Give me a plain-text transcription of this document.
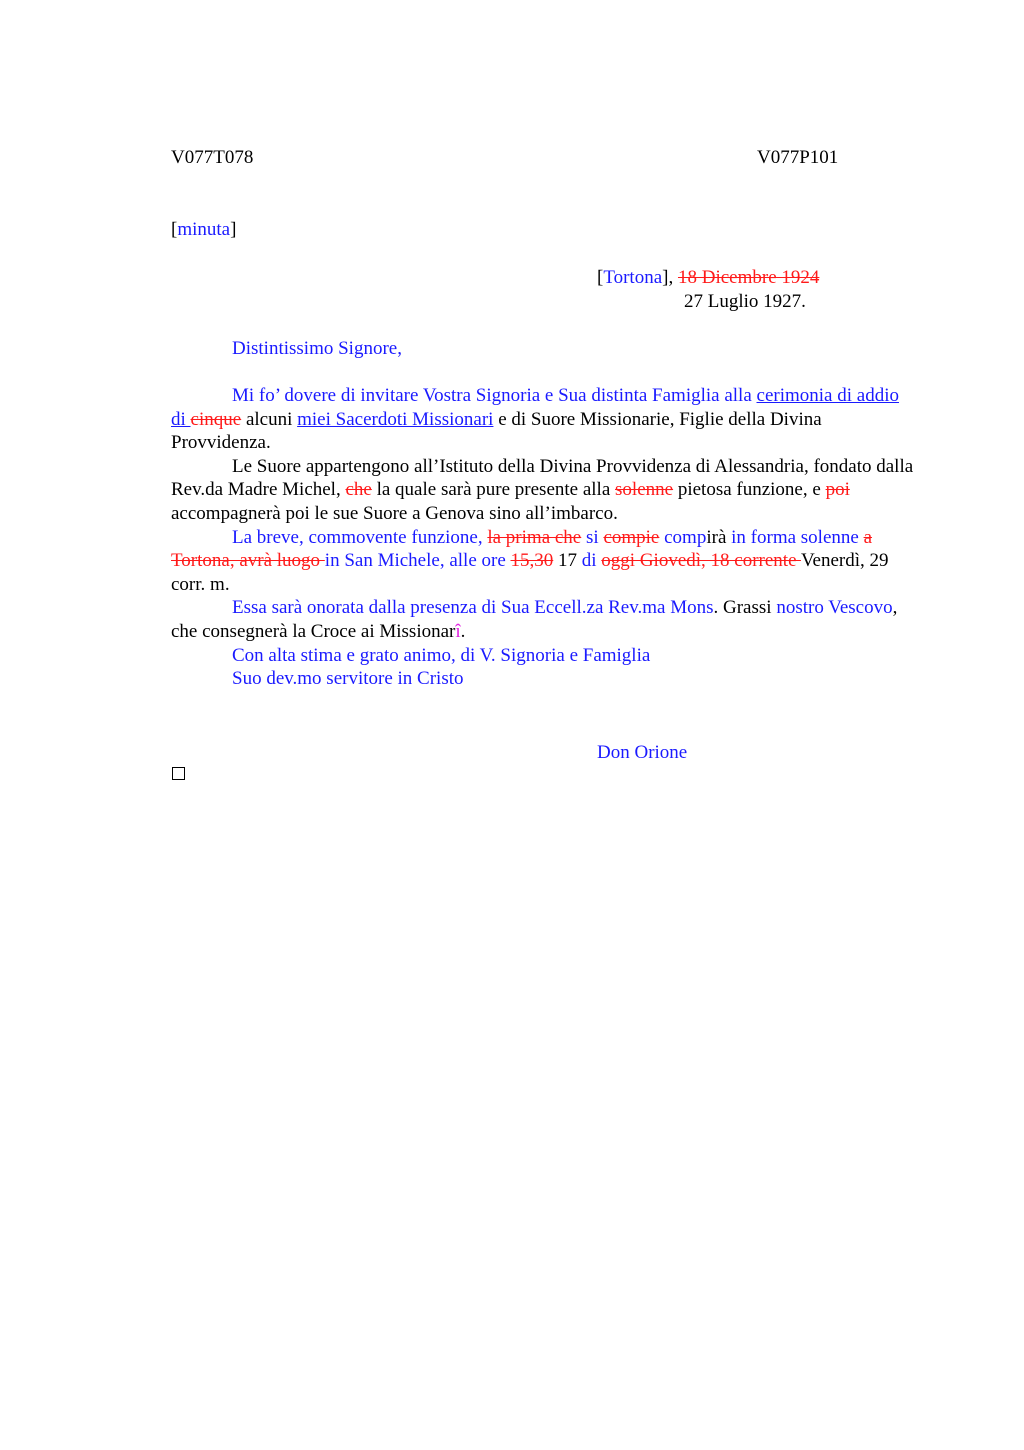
V077T078	V077P101
[minuta]
[Tortona], 18 Dicembre 1924
27 Luglio 1927.
Distintissimo Signore,

Mi fo’ dovere di invitare Vostra Signoria e Sua distinta Famiglia alla cerimonia di addio di cinque alcuni miei Sacerdoti Missionari e di Suore Missionarie, Figlie della Divina Provvidenza.

Le Suore appartengono all’Istituto della Divina Provvidenza di Alessandria, fondato dalla Rev.da Madre Michel, che la quale sarà pure presente alla solenne pietosa funzione, e poi accompagnerà poi le sue Suore a Genova sino all’imbarco.

La breve, commovente funzione, la prima che si compie compirà in forma solenne a Tortona, avrà luogo in San Michele, alle ore 15,30 17 di oggi Giovedì, 18 corrente Venerdì, 29 corr. m.

Essa sarà onorata dalla presenza di Sua Eccell.za Rev.ma Mons. Grassi nostro Vescovo, che consegnerà la Croce ai Missionarî.

Con alta stima e grato animo, di V. Signoria e Famiglia

Suo dev.mo servitore in Cristo

Don Orione
